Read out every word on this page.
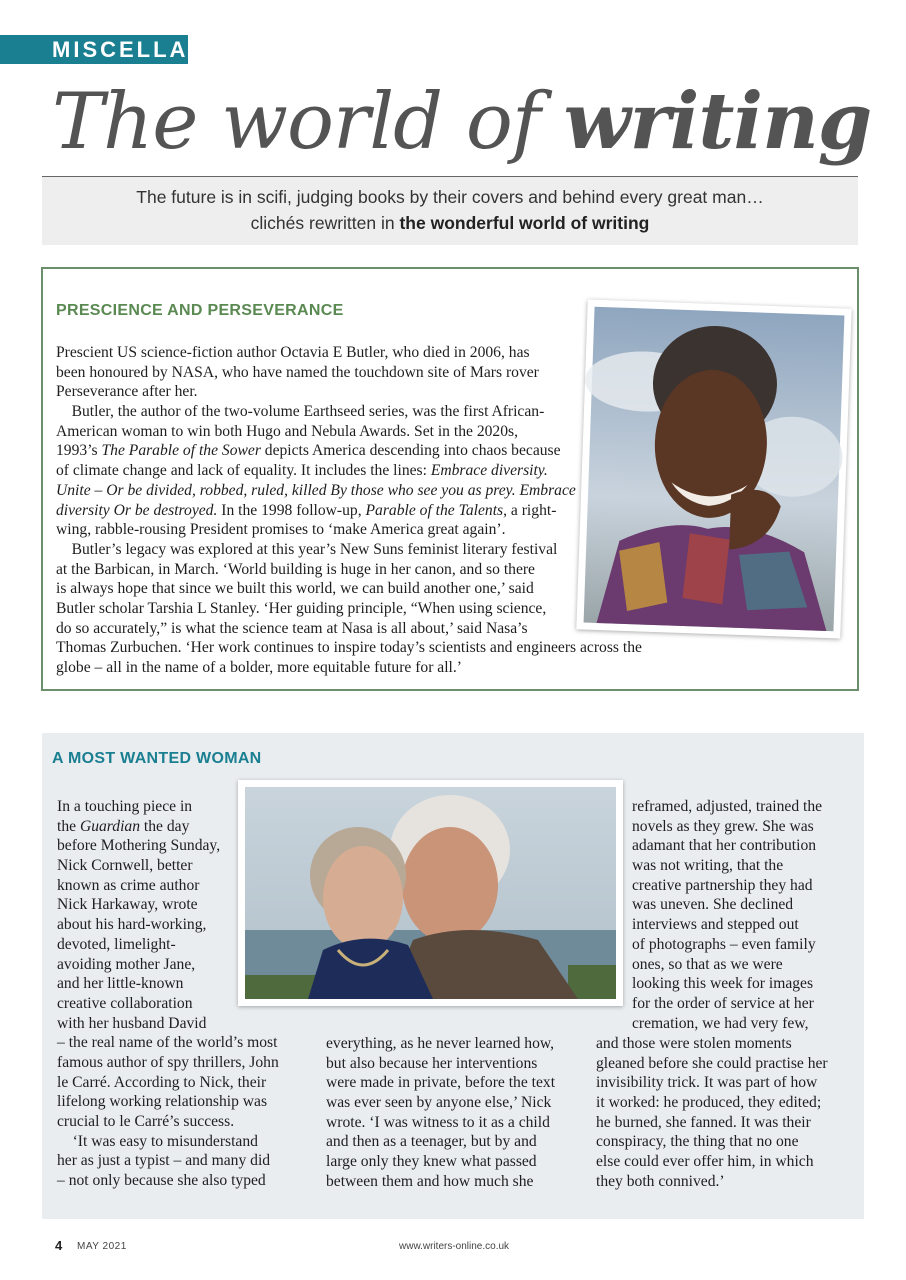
MISCELLANY
The world of writing
The future is in scifi, judging books by their covers and behind every great man…
clichés rewritten in the wonderful world of writing
PRESCIENCE AND PERSEVERANCE
Prescient US science-fiction author Octavia E Butler, who died in 2006, has
been honoured by NASA, who have named the touchdown site of Mars rover
Perseverance after her.
 Butler, the author of the two-volume Earthseed series, was the first African-
American woman to win both Hugo and Nebula Awards. Set in the 2020s,
1993’s The Parable of the Sower depicts America descending into chaos because
of climate change and lack of equality. It includes the lines: Embrace diversity.
Unite – Or be divided, robbed, ruled, killed By those who see you as prey. Embrace
diversity Or be destroyed. In the 1998 follow-up, Parable of the Talents, a right-
wing, rabble-rousing President promises to ‘make America great again’.
 Butler’s legacy was explored at this year’s New Suns feminist literary festival
at the Barbican, in March. ‘World building is huge in her canon, and so there
is always hope that since we built this world, we can build another one,’ said
Butler scholar Tarshia L Stanley. ‘Her guiding principle, “When using science,
do so accurately,” is what the science team at Nasa is all about,’ said Nasa’s
Thomas Zurbuchen. ‘Her work continues to inspire today’s scientists and engineers across the
globe – all in the name of a bolder, more equitable future for all.’
A MOST WANTED WOMAN
In a touching piece in
the Guardian the day
before Mothering Sunday,
Nick Cornwell, better
known as crime author
Nick Harkaway, wrote
about his hard-working,
devoted, limelight-
avoiding mother Jane,
and her little-known
creative collaboration
with her husband David
– the real name of the world’s most
famous author of spy thrillers, John
le Carré. According to Nick, their
lifelong working relationship was
crucial to le Carré’s success.
 ‘It was easy to misunderstand
her as just a typist – and many did
– not only because she also typed
everything, as he never learned how,
but also because her interventions
were made in private, before the text
was ever seen by anyone else,’ Nick
wrote. ‘I was witness to it as a child
and then as a teenager, but by and
large only they knew what passed
between them and how much she
reframed, adjusted, trained the
novels as they grew. She was
adamant that her contribution
was not writing, that the
creative partnership they had
was uneven. She declined
interviews and stepped out
of photographs – even family
ones, so that as we were
looking this week for images
for the order of service at her
cremation, we had very few,
and those were stolen moments
gleaned before she could practise her
invisibility trick. It was part of how
it worked: he produced, they edited;
he burned, she fanned. It was their
conspiracy, the thing that no one
else could ever offer him, in which
they both connived.’
4 MAY 2021	www.writers-online.co.uk
